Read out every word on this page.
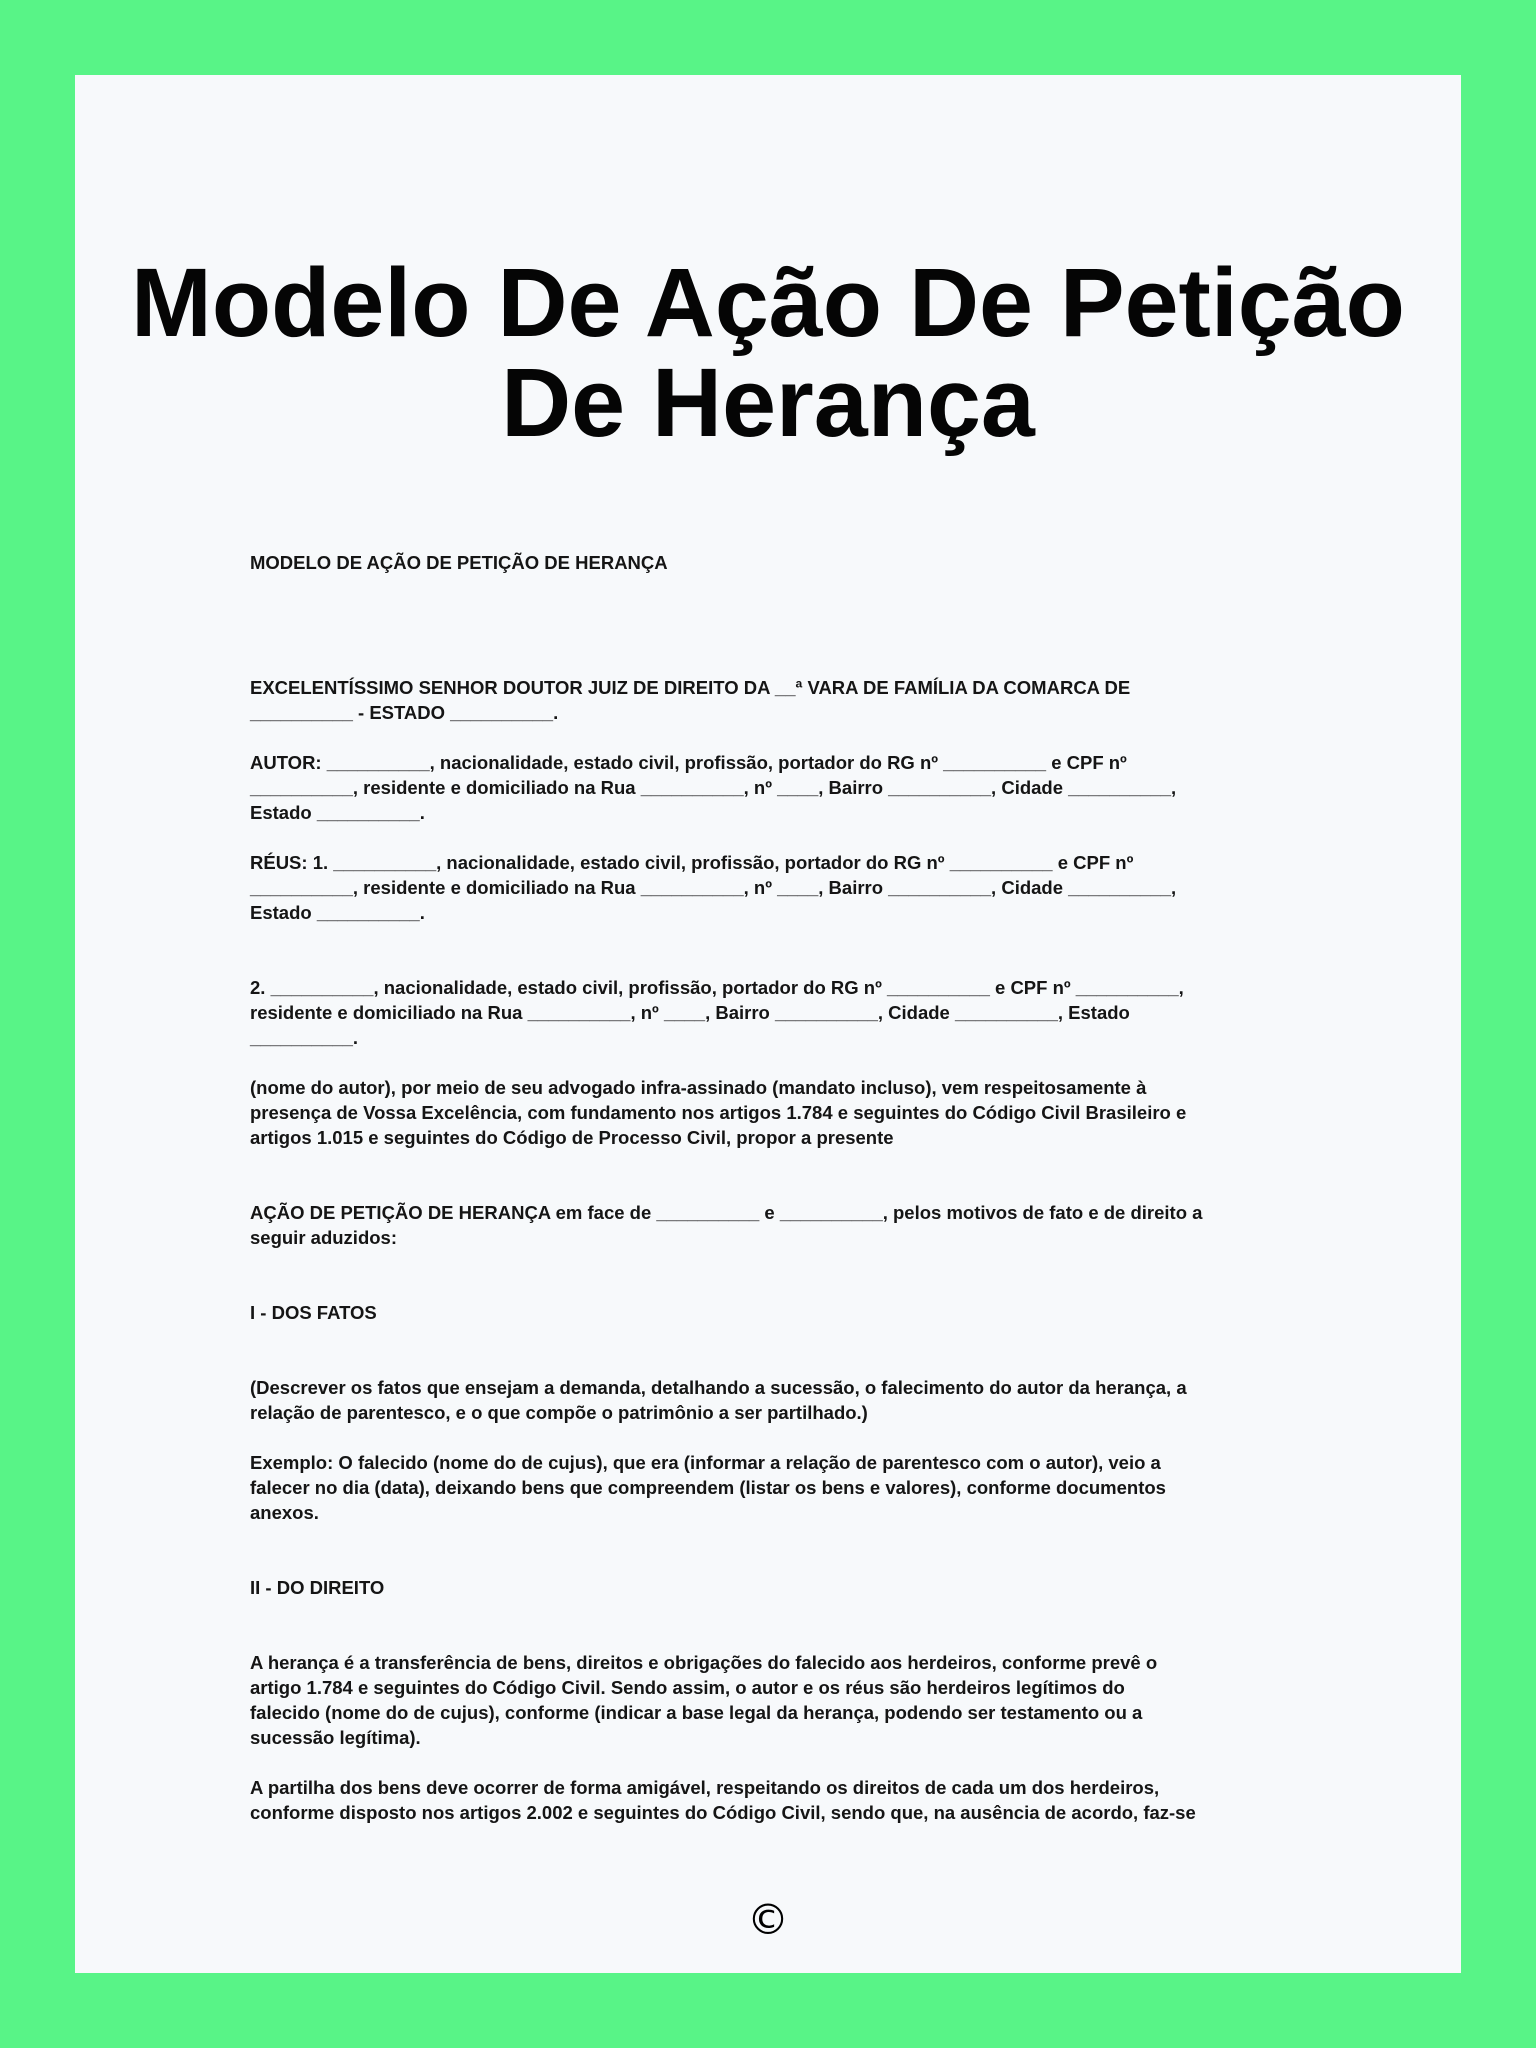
Modelo De Ação De Petição
De Herança

MODELO DE AÇÃO DE PETIÇÃO DE HERANÇA

EXCELENTÍSSIMO SENHOR DOUTOR JUIZ DE DIREITO DA __ª VARA DE FAMÍLIA DA COMARCA DE
__________ - ESTADO __________.

AUTOR: __________, nacionalidade, estado civil, profissão, portador do RG nº __________ e CPF nº
__________, residente e domiciliado na Rua __________, nº ____, Bairro __________, Cidade __________,
Estado __________.

RÉUS: 1. __________, nacionalidade, estado civil, profissão, portador do RG nº __________ e CPF nº
__________, residente e domiciliado na Rua __________, nº ____, Bairro __________, Cidade __________,
Estado __________.

2. __________, nacionalidade, estado civil, profissão, portador do RG nº __________ e CPF nº __________,
residente e domiciliado na Rua __________, nº ____, Bairro __________, Cidade __________, Estado
__________.

(nome do autor), por meio de seu advogado infra-assinado (mandato incluso), vem respeitosamente à
presença de Vossa Excelência, com fundamento nos artigos 1.784 e seguintes do Código Civil Brasileiro e
artigos 1.015 e seguintes do Código de Processo Civil, propor a presente

AÇÃO DE PETIÇÃO DE HERANÇA em face de __________ e __________, pelos motivos de fato e de direito a
seguir aduzidos:

I - DOS FATOS

(Descrever os fatos que ensejam a demanda, detalhando a sucessão, o falecimento do autor da herança, a
relação de parentesco, e o que compõe o patrimônio a ser partilhado.)

Exemplo: O falecido (nome do de cujus), que era (informar a relação de parentesco com o autor), veio a
falecer no dia (data), deixando bens que compreendem (listar os bens e valores), conforme documentos
anexos.

II - DO DIREITO

A herança é a transferência de bens, direitos e obrigações do falecido aos herdeiros, conforme prevê o
artigo 1.784 e seguintes do Código Civil. Sendo assim, o autor e os réus são herdeiros legítimos do
falecido (nome do de cujus), conforme (indicar a base legal da herança, podendo ser testamento ou a
sucessão legítima).

A partilha dos bens deve ocorrer de forma amigável, respeitando os direitos de cada um dos herdeiros,
conforme disposto nos artigos 2.002 e seguintes do Código Civil, sendo que, na ausência de acordo, faz-se

©
